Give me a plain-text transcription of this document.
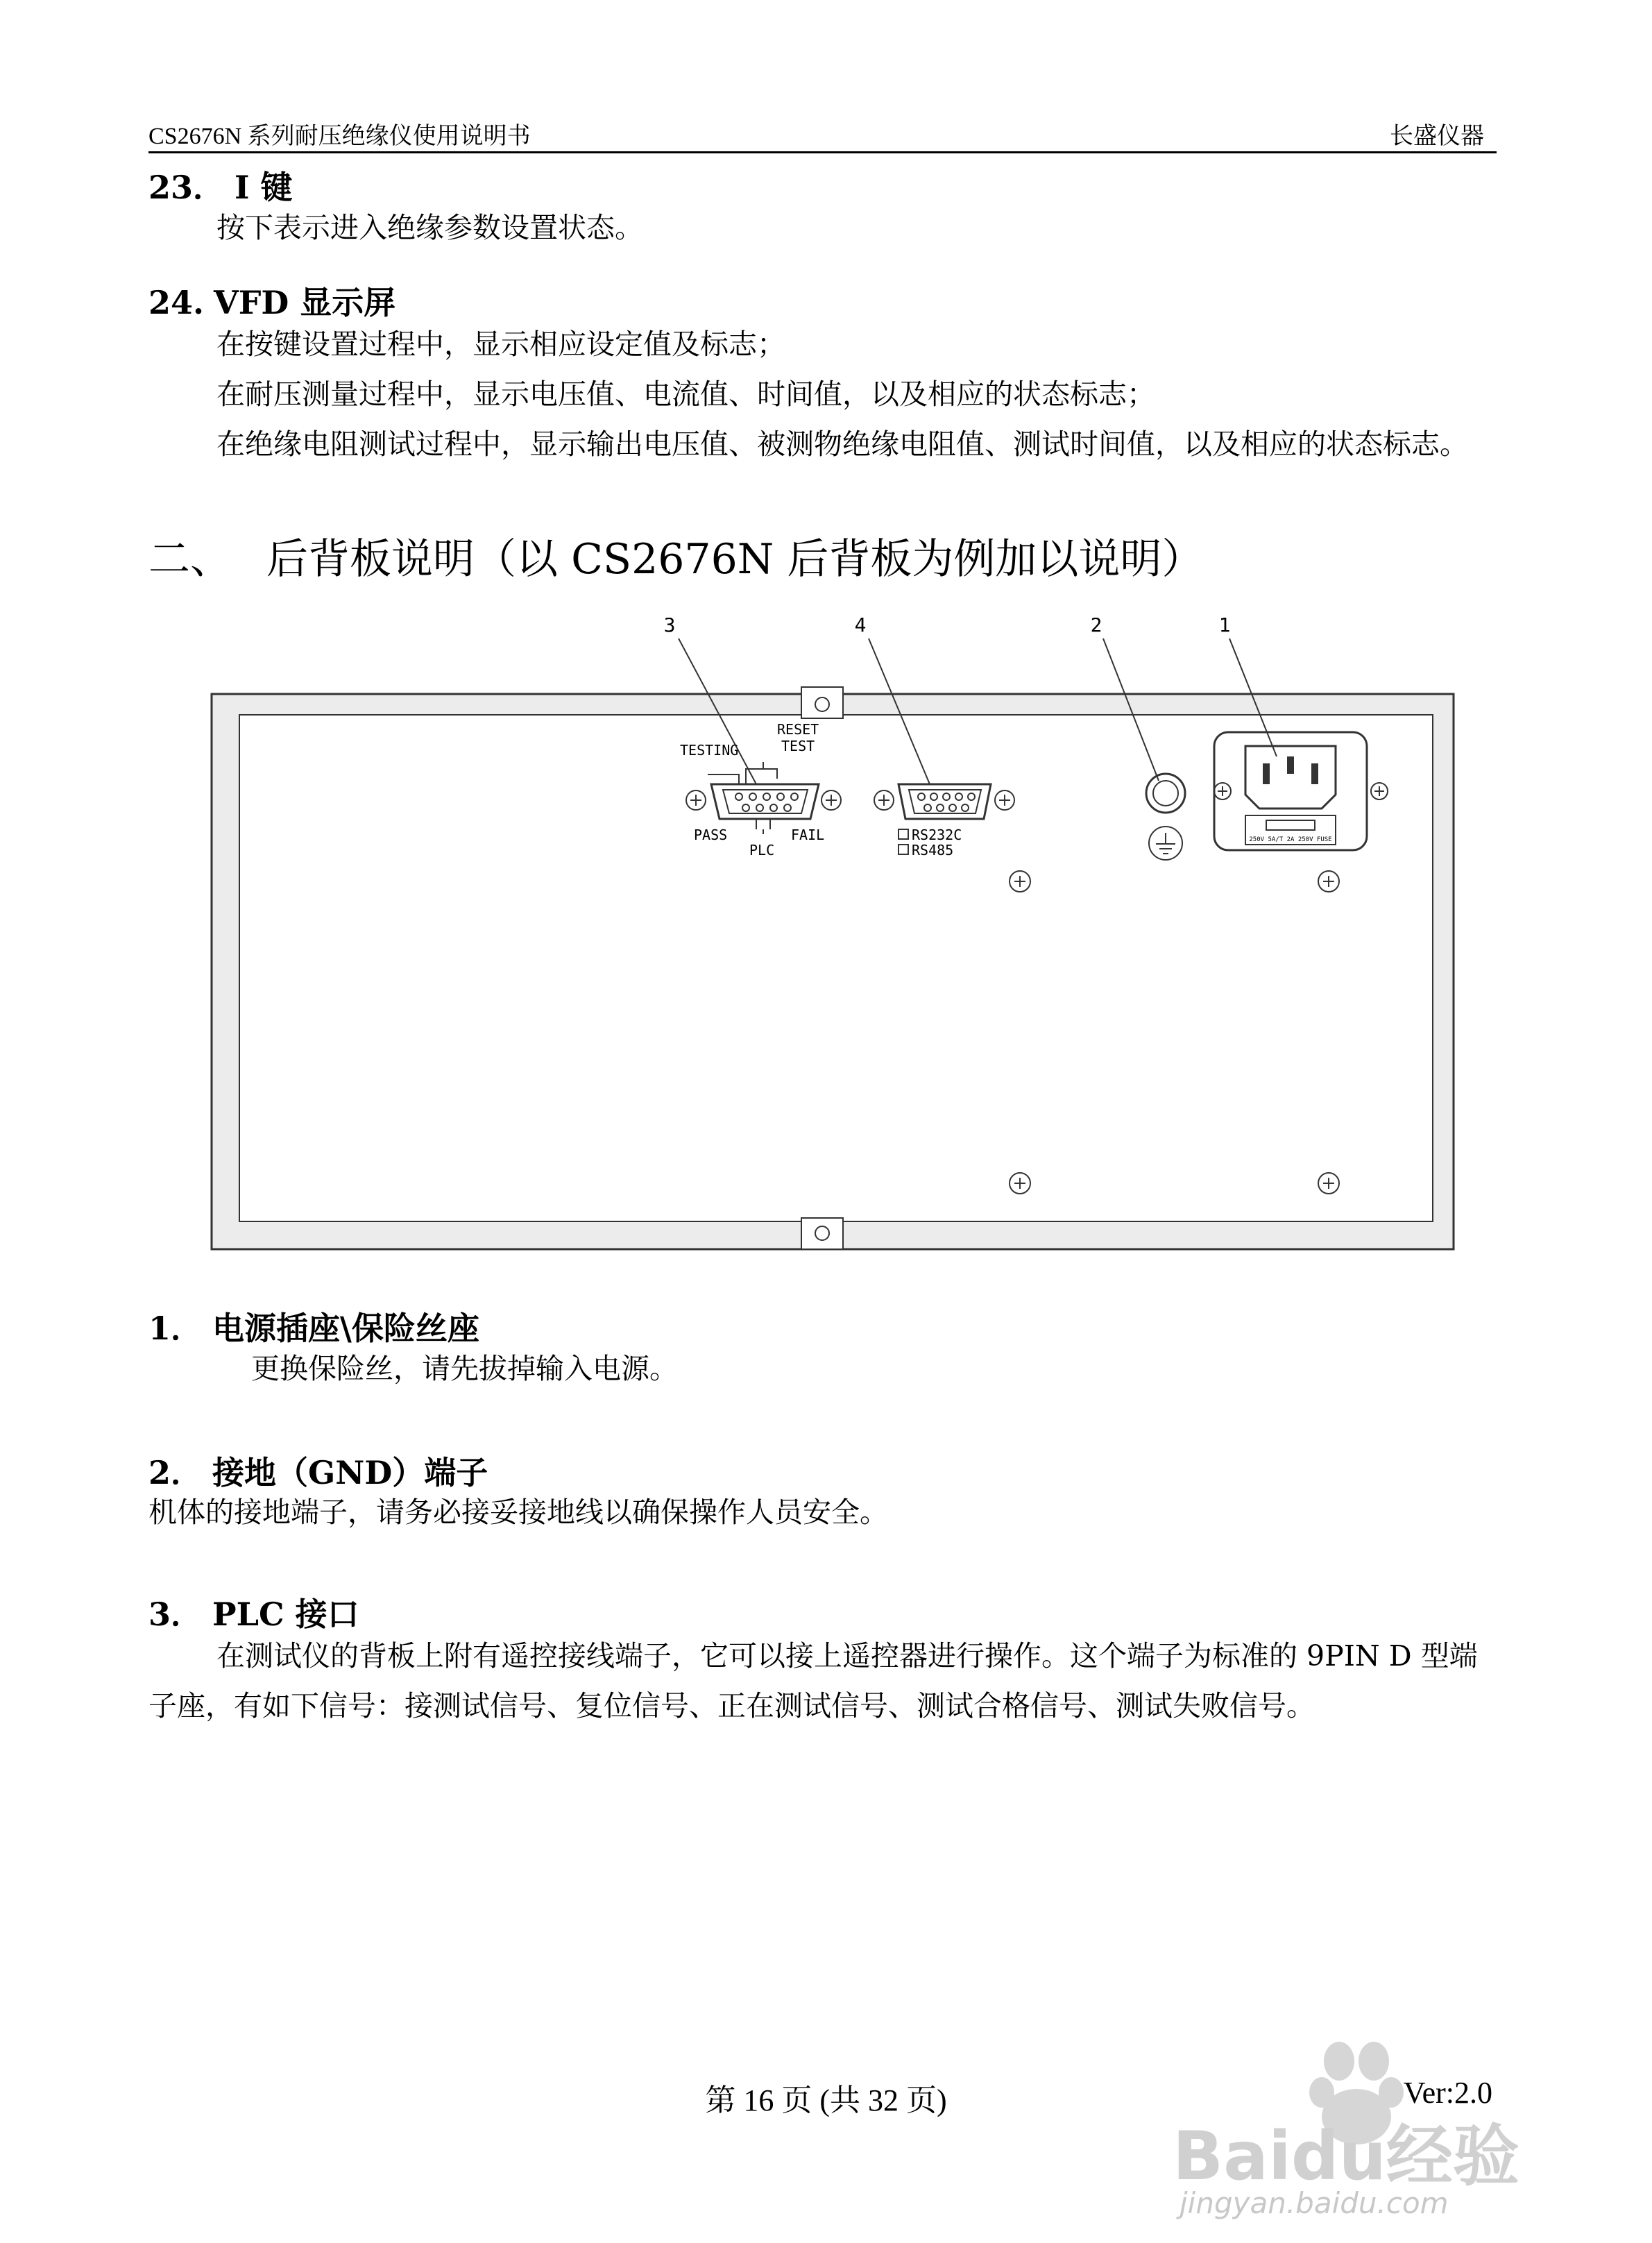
CS2676N 系列耐压绝缘仪使用说明书	长盛仪器
23． I 键
按下表示进入绝缘参数设置状态。
24. VFD 显示屏
在按键设置过程中，显示相应设定值及标志；
在耐压测量过程中，显示电压值、电流值、时间值，以及相应的状态标志；
在绝缘电阻测试过程中，显示输出电压值、被测物绝缘电阻值、测试时间值，以及相应的状态标志。
二、 后背板说明（以 CS2676N 后背板为例加以说明）
3	4	2	1
RESET
TEST
TESTING
PASS
PLC
FAIL	RS232C
RS485
250V 5A/T 2A 250V FUSE
1． 电源插座\保险丝座
更换保险丝，请先拔掉输入电源。
2． 接地（GND）端子
机体的接地端子，请务必接妥接地线以确保操作人员安全。
3． PLC 接口
在测试仪的背板上附有遥控接线端子，它可以接上遥控器进行操作。这个端子为标准的 9PIN D 型端子座，有如下信号：接测试信号、复位信号、正在测试信号、测试合格信号、测试失败信号。
第 16 页 (共 32 页)	Ver:2.0
Baidu经验
jingyan.baidu.com
